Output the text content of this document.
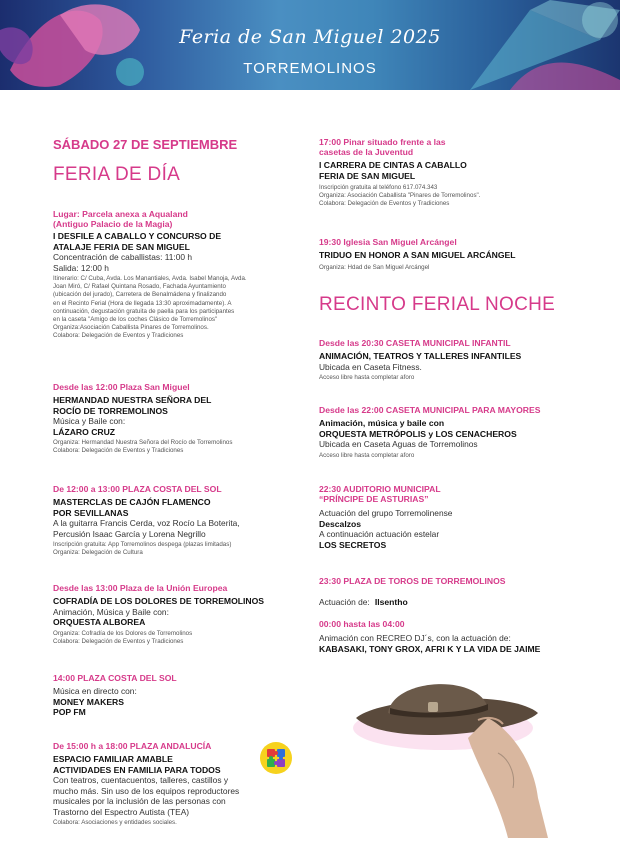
Feria de San Miguel 2025
TORREMOLINOS
SÁBADO 27 DE SEPTIEMBRE
FERIA DE DÍA
Lugar: Parcela anexa a Aqualand
(Antiguo Palacio de la Magia)
I DESFILE A CABALLO Y CONCURSO DE
ATALAJE FERIA DE SAN MIGUEL
Concentración de caballistas: 11:00 h
Salida: 12:00 h
Itinerario: C/ Cuba, Avda. Los Manantiales, Avda. Isabel Manoja, Avda.
Joan Miró, C/ Rafael Quintana Rosado, Fachada Ayuntamiento
(ubicación del jurado), Carretera de Benalmádena y finalizando
en el Recinto Ferial (Hora de llegada 13:30 aproximadamente). A
continuación, degustación gratuita de paella para los participantes
en la caseta "Amigo de los coches Clásico de Torremolinos"
Organiza:Asociación Caballista Pinares de Torremolinos.
Colabora: Delegación de Eventos y Tradiciones
Desde las 12:00 Plaza San Miguel
HERMANDAD NUESTRA SEÑORA DEL
ROCÍO DE TORREMOLINOS
Música y Baile con:
LÁZARO CRUZ
Organiza: Hermandad Nuestra Señora del Rocío de Torremolinos
Colabora: Delegación de Eventos y Tradiciones
De 12:00 a 13:00 PLAZA COSTA DEL SOL
MASTERCLAS DE CAJÓN FLAMENCO
POR SEVILLANAS
A la guitarra Francis Cerda, voz Rocío La Boterita,
Percusión Isaac García y Lorena Negrillo
Inscripción gratuita: App Torremolinos despega (plazas limitadas)
Organiza: Delegación de Cultura
Desde las 13:00 Plaza de la Unión Europea
COFRADÍA DE LOS DOLORES DE TORREMOLINOS
Animación, Música y Baile con:
ORQUESTA ALBOREA
Organiza: Cofradía de los Dolores de Torremolinos
Colabora: Delegación de Eventos y Tradiciones
14:00 PLAZA COSTA DEL SOL
Música en directo con:
MONEY MAKERS
POP FM
De 15:00 h a 18:00 PLAZA ANDALUCÍA
ESPACIO FAMILIAR AMABLE
ACTIVIDADES EN FAMILIA PARA TODOS
Con teatros, cuentacuentos, talleres, castillos y
mucho más. Sin uso de los equipos reproductores
musicales por la inclusión de las personas con
Trastorno del Espectro Autista (TEA)
Colabora: Asociaciones y entidades sociales.
17:00 Pinar situado frente a las
casetas de la Juventud
I CARRERA DE CINTAS A CABALLO
FERIA DE SAN MIGUEL
Inscripción gratuita al teléfono 617.074.343
Organiza: Asociación Caballista "Pinares de Torremolinos".
Colabora: Delegación de Eventos y Tradiciones
19:30 Iglesia San Miguel Arcángel
TRIDUO EN HONOR A SAN MIGUEL ARCÁNGEL
Organiza: Hdad de San Miguel Arcángel
RECINTO FERIAL NOCHE
Desde las 20:30 CASETA MUNICIPAL INFANTIL
ANIMACIÓN, TEATROS Y TALLERES INFANTILES
Ubicada en Caseta Fitness.
Acceso libre hasta completar aforo
Desde las 22:00 CASETA MUNICIPAL PARA MAYORES
Animación, música y baile con
ORQUESTA METRÓPOLIS y LOS CENACHEROS
Ubicada en Caseta Aguas de Torremolinos
Acceso libre hasta completar aforo
22:30 AUDITORIO MUNICIPAL
“PRÍNCIPE DE ASTURIAS”
Actuación del grupo Torremolinense
Descalzos
A continuación actuación estelar
LOS SECRETOS
23:30 PLAZA DE TOROS DE TORREMOLINOS
Actuación de: Ilsentho
00:00 hasta las 04:00
Animación con RECREO DJ´s, con la actuación de:
KABASAKI, TONY GROX, AFRI K Y LA VIDA DE JAIME
